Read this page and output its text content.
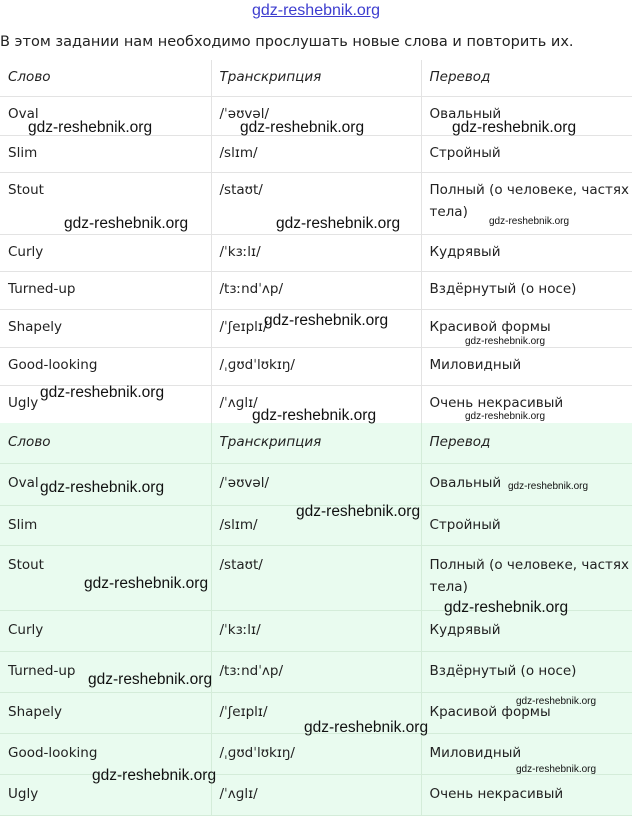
gdz-reshebnik.org
В этом задании нам необходимо прослушать новые слова и повторить их.
Слово	Транскрипция	Перевод
Oval	/ˈəʊvəl/	Овальный
Slim	/slɪm/	Стройный
Stout	/staʊt/	Полный (о человеке, частях тела)
Curly	/ˈkɜːlɪ/	Кудрявый
Turned-up	/tɜːndˈʌp/	Вздёрнутый (о носе)
Shapely	/ˈʃeɪplɪ/	Красивой формы
Good-looking	/ˌɡʊdˈlʊkɪŋ/	Миловидный
Ugly	/ˈʌɡlɪ/	Очень некрасивый
Слово	Транскрипция	Перевод
Oval	/ˈəʊvəl/	Овальный
Slim	/slɪm/	Стройный
Stout	/staʊt/	Полный (о человеке, частях тела)
Curly	/ˈkɜːlɪ/	Кудрявый
Turned-up	/tɜːndˈʌp/	Вздёрнутый (о носе)
Shapely	/ˈʃeɪplɪ/	Красивой формы
Good-looking	/ˌɡʊdˈlʊkɪŋ/	Миловидный
Ugly	/ˈʌɡlɪ/	Очень некрасивый
gdz-reshebnik.org	gdz-reshebnik.org	gdz-reshebnik.org
gdz-reshebnik.org	gdz-reshebnik.org	gdz-reshebnik.org
gdz-reshebnik.org
gdz-reshebnik.org
gdz-reshebnik.org
gdz-reshebnik.org	gdz-reshebnik.org
gdz-reshebnik.org	gdz-reshebnik.org
gdz-reshebnik.org
gdz-reshebnik.org
gdz-reshebnik.org
gdz-reshebnik.org
gdz-reshebnik.org
gdz-reshebnik.org
gdz-reshebnik.org	gdz-reshebnik.org
